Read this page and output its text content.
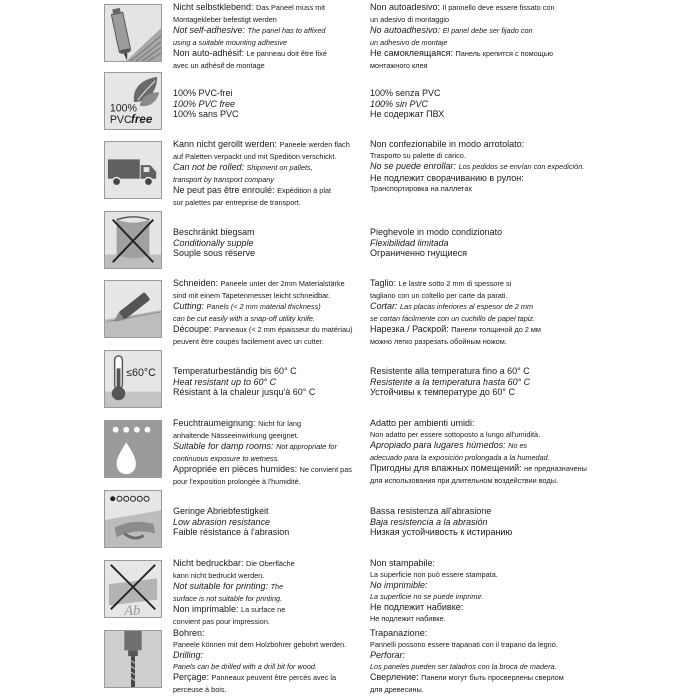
Nicht selbstklebend: Das Paneel muss mit
Montagekleber befestigt werden
Not self-adhesive: The panel has to affixed
using a suitable mounting adhesive
Non auto-adhésif: Le panneau doit être fixé
avec un adhésif de montage
Non autoadesivo: Il pannello deve essere fissato con
un adesivo di montaggio
No autoadhesivo: El panel debe ser fijado con
un adhesivo de montaje
Не самоклеящаяся: Панель крепится с помощью
монтажного клея
100%
PVC free
100% PVC-frei
100% PVC free
100% sans PVC
100% senza PVC
100% sin PVC
Не содержат ПВХ
Kann nicht gerollt werden: Paneele werden flach
auf Paletten verpackt und mit Spedition verschickt.
Can not be rolled: Shipment on pallets,
transport by transport company
Ne peut pas être enroulé: Expédition à plat
sur palettes par entreprise de transport.
Non confezionabile in modo arrotolato:
Trasporto su palette di carico.
No se puede enrollar: Los pedidos se envían con expedición.
Не подлежит сворачиванию в рулон:
Транспортировка на паллетах
Beschränkt biegsam
Conditionally supple
Souple sous réserve
Pieghevole in modo condizionato
Flexibilidad limitada
Ограниченно гнущиеся
Schneiden: Paneele unter der 2mm Materialstärke
sind mit einem Tapetenmesser leicht schneidbar.
Cutting: Panels (< 2 mm material thickness)
can be cut easily with a snap-off utility knife.
Découpe: Panneaux (< 2 mm épaisseur du matériau)
peuvent être coupés facilement avec un cutter.
Taglio: Le lastre sotto 2 mm di spessore si
tagliano con un coltello per carte da parati.
Cortar: Las placas inferiores al espesor de 2 mm
se cortan fácilmente con un cuchillo de papel tapiz.
Нарезка / Раскрой: Панели толщиной до 2 мм
можно легко разрезать обойным ножом.
≤60°C Temperaturbeständig bis 60° C
Heat resistant up to 60° C
Résistant à la chaleur jusqu'à 60° C
Resistente alla temperatura fino a 60° C
Resistente a la temperatura hasta 60° C
Устойчивы к температуре до 60° C
Feuchtraumeignung: Nicht für lang
anhaltende Nässeeinwirkung geeignet.
Suitable for damp rooms: Not appropriate for
continuous exposure to wetness.
Appropriée en pièces humides: Ne convient pas
pour l'exposition prolongée à l'humidité.
Adatto per ambienti umidi:
Non adatto per essere sottoposto a lungo all'umidità.
Apropiado para lugares húmedos: No es
adecuado para la exposición prolongada a la humedad.
Пригодны для влажных помещений: не предназначены
для использования при длительном воздействии воды.
Geringe Abriebfestigkeit
Low abrasion resistance
Faible résistance à l'abrasion
Bassa resistenza all'abrasione
Baja resistencia a la abrasión
Низкая устойчивость к истиранию
Ab
Nicht bedruckbar: Die Oberfläche
kann nicht bedruckt werden.
Not suitable for printing: The
surface is not suitable for printing.
Non imprimable: La surface ne
convient pas pour impression.
Non stampabile:
La superficie non può essere stampata.
No imprimible:
La superficie no se puede imprimir.
Не подлежит набивке:
Не подлежит набивке.
Bohren:
Paneele können mit dem Holzbohrer gebohrt werden.
Drilling:
Panels can be drilled with a drill bit for wood.
Perçage: Panneaux peuvent être percés avec la
perceuse à bois.
Trapanazione:
Pannelli possono essere trapanati con il trapano da legno.
Perforar:
Los paneles pueden ser taladros con la broca de madera.
Сверление: Панели могут быть просверлены сверлом
для древесины.
